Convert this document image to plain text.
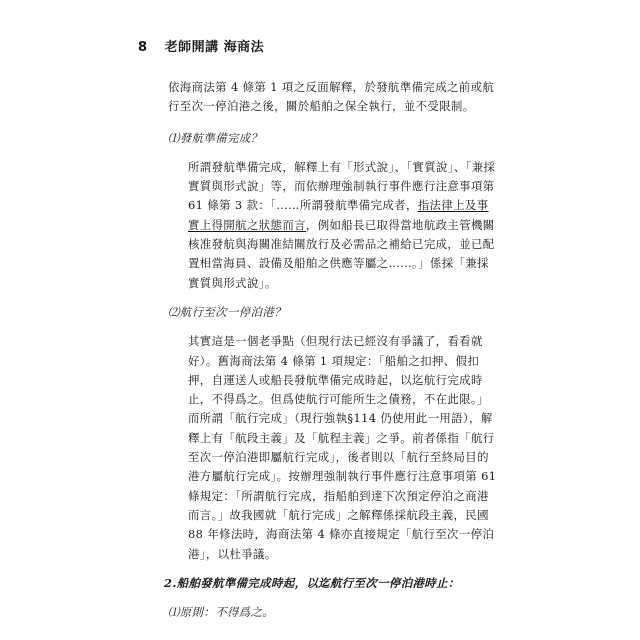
8 老師開講 海商法

依海商法第 4 條第 1 項之反面解釋，於發航準備完成之前或航行至次一停泊港之後，關於船舶之保全執行，並不受限制。

⑴發航準備完成？

所謂發航準備完成，解釋上有「形式說」、「實質說」、「兼採實質與形式說」等，而依辦理強制執行事件應行注意事項第 61 條第 3 款：「……所謂發航準備完成者，指法律上及事實上得開航之狀態而言，例如船長已取得當地航政主管機關核准發航與海關准結關放行及必需品之補給已完成，並已配置相當海員、設備及船舶之供應等屬之……。」係採「兼採實質與形式說」。

⑵航行至次一停泊港？

其實這是一個老爭點（但現行法已經沒有爭議了，看看就好）。舊海商法第 4 條第 1 項規定：「船舶之扣押、假扣押，自運送人或船長發航準備完成時起，以迄航行完成時止，不得爲之。但爲使航行可能所生之債務，不在此限。」而所謂「航行完成」（現行強執§114 仍使用此一用語），解釋上有「航段主義」及「航程主義」之爭。前者係指「航行至次一停泊港即屬航行完成」，後者則以「航行至終局目的港方屬航行完成」。按辦理強制執行事件應行注意事項第 61 條規定：「所謂航行完成，指船舶到達下次預定停泊之商港而言。」故我國就「航行完成」之解釋係採航段主義，民國 88 年修法時，海商法第 4 條亦直接規定「航行至次一停泊港」，以杜爭議。

2.船舶發航準備完成時起，以迄航行至次一停泊港時止：

⑴原則：不得爲之。
